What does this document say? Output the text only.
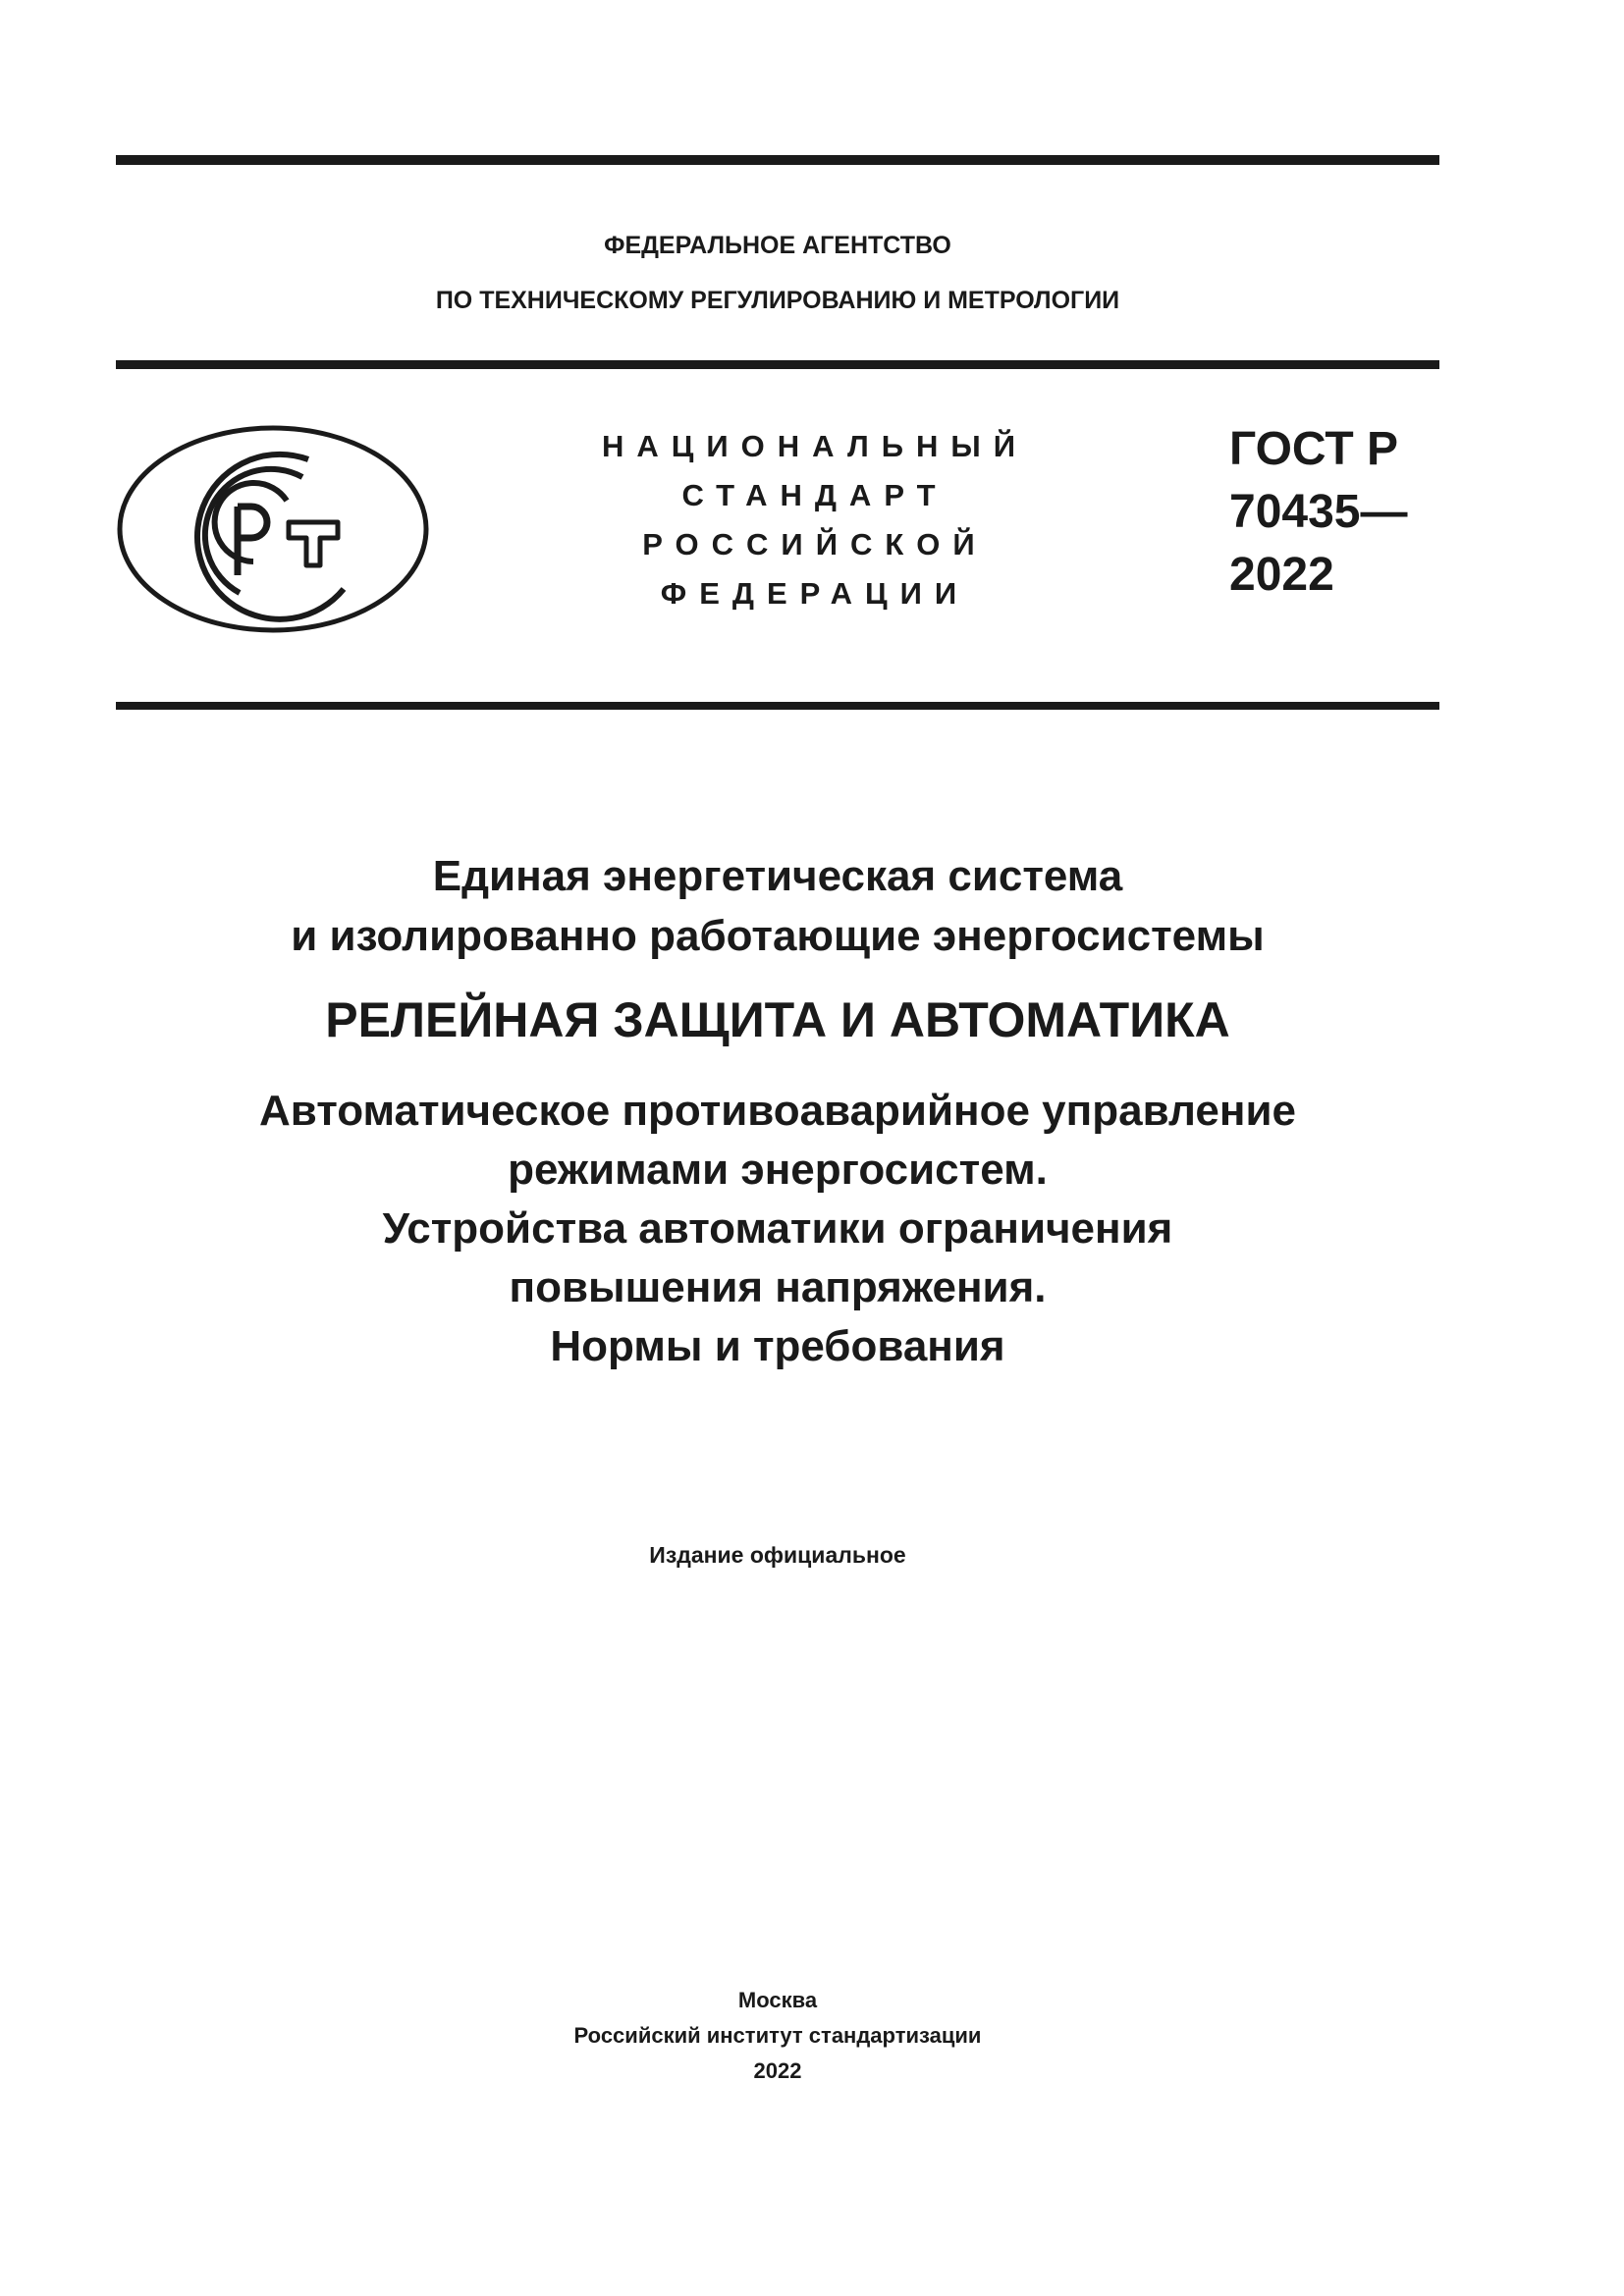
ФЕДЕРАЛЬНОЕ АГЕНТСТВО
ПО ТЕХНИЧЕСКОМУ РЕГУЛИРОВАНИЮ И МЕТРОЛОГИИ
НАЦИОНАЛЬНЫЙ
СТАНДАРТ
РОССИЙСКОЙ
ФЕДЕРАЦИИ
ГОСТ Р
70435—
2022
Единая энергетическая система
и изолированно работающие энергосистемы
РЕЛЕЙНАЯ ЗАЩИТА И АВТОМАТИКА
Автоматическое противоаварийное управление
режимами энергосистем.
Устройства автоматики ограничения
повышения напряжения.
Нормы и требования
Издание официальное
Москва
Российский институт стандартизации
2022
